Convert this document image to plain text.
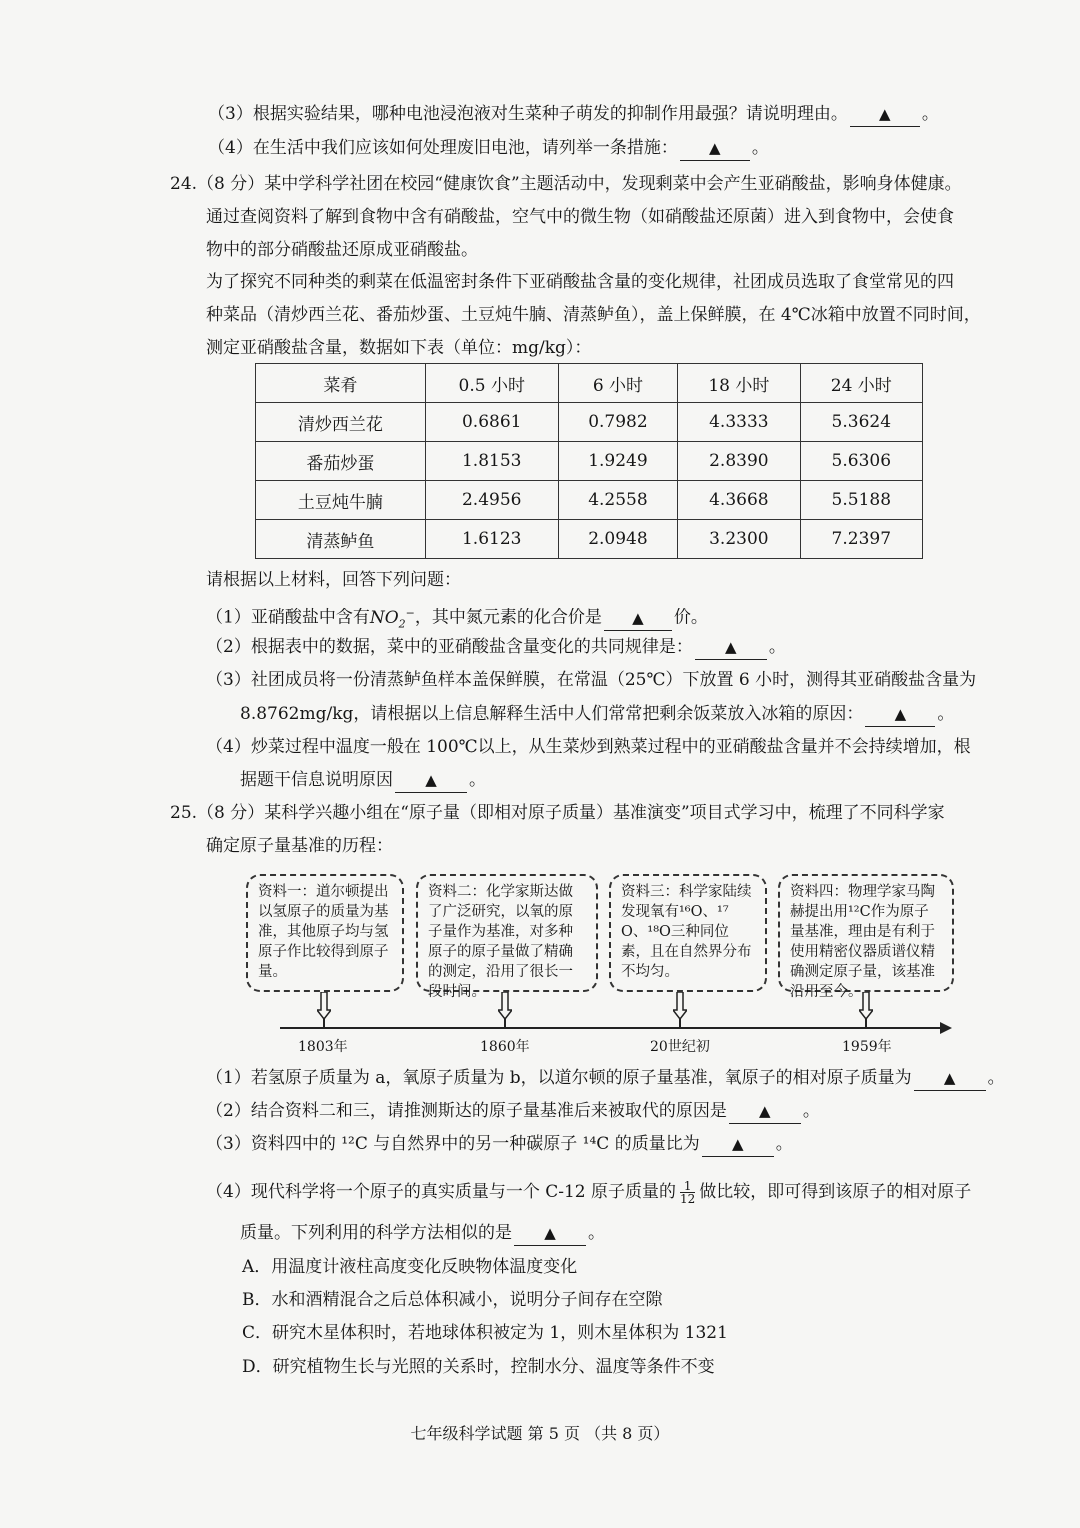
（3）根据实验结果，哪种电池浸泡液对生菜种子萌发的抑制作用最强？请说明理由。 ▲ 。
（4）在生活中我们应该如何处理废旧电池，请列举一条措施： ▲ 。
24.（8 分）某中学科学社团在校园“健康饮食”主题活动中，发现剩菜中会产生亚硝酸盐，影响身体健康。
通过查阅资料了解到食物中含有硝酸盐，空气中的微生物（如硝酸盐还原菌）进入到食物中，会使食
物中的部分硝酸盐还原成亚硝酸盐。
为了探究不同种类的剩菜在低温密封条件下亚硝酸盐含量的变化规律，社团成员选取了食堂常见的四
种菜品（清炒西兰花、番茄炒蛋、土豆炖牛腩、清蒸鲈鱼），盖上保鲜膜，在 4℃冰箱中放置不同时间，
测定亚硝酸盐含量，数据如下表（单位：mg/kg）：
菜肴	0.5 小时	6 小时	18 小时	24 小时
清炒西兰花	0.6861	0.7982	4.3333	5.3624
番茄炒蛋	1.8153	1.9249	2.8390	5.6306
土豆炖牛腩	2.4956	4.2558	4.3668	5.5188
清蒸鲈鱼	1.6123	2.0948	3.2300	7.2397
请根据以上材料，回答下列问题：
（1）亚硝酸盐中含有$NO_2^-$，其中氮元素的化合价是 ▲ 价。
（2）根据表中的数据，菜中的亚硝酸盐含量变化的共同规律是： ▲ 。
（3）社团成员将一份清蒸鲈鱼样本盖保鲜膜，在常温（25℃）下放置 6 小时，测得其亚硝酸盐含量为
8.8762mg/kg，请根据以上信息解释生活中人们常常把剩余饭菜放入冰箱的原因： ▲ 。
（4）炒菜过程中温度一般在 100℃以上，从生菜炒到熟菜过程中的亚硝酸盐含量并不会持续增加，根
据题干信息说明原因 ▲ 。
25.（8 分）某科学兴趣小组在“原子量（即相对原子质量）基准演变”项目式学习中，梳理了不同科学家
确定原子量基准的历程：
资料一：道尔顿提出以氢原子的质量为基准，其他原子均与氢原子作比较得到原子量。
资料二：化学家斯达做了广泛研究，以氧的原子量作为基准，对多种原子的原子量做了精确的测定，沿用了很长一段时间。
资料三：科学家陆续发现氧有¹⁶O、¹⁷O、¹⁸O三种同位素，且在自然界分布不均匀。
资料四：物理学家马陶赫提出用¹²C作为原子量基准，理由是有利于使用精密仪器质谱仪精确测定原子量，该基准沿用至今。
1803年	1860年	20世纪初	1959年
（1）若氢原子质量为 a，氧原子质量为 b，以道尔顿的原子量基准，氧原子的相对原子质量为 ▲ 。
（2）结合资料二和三，请推测斯达的原子量基准后来被取代的原因是 ▲ 。
（3）资料四中的 ¹²C 与自然界中的另一种碳原子 ¹⁴C 的质量比为 ▲ 。
（4）现代科学将一个原子的真实质量与一个 C-12 原子质量的 $\frac{1}{12}$ 做比较，即可得到该原子的相对原子
质量。下列利用的科学方法相似的是 ▲ 。
A．用温度计液柱高度变化反映物体温度变化
B．水和酒精混合之后总体积减小，说明分子间存在空隙
C．研究木星体积时，若地球体积被定为 1，则木星体积为 1321
D．研究植物生长与光照的关系时，控制水分、温度等条件不变
七年级科学试题 第 5 页 （共 8 页）
